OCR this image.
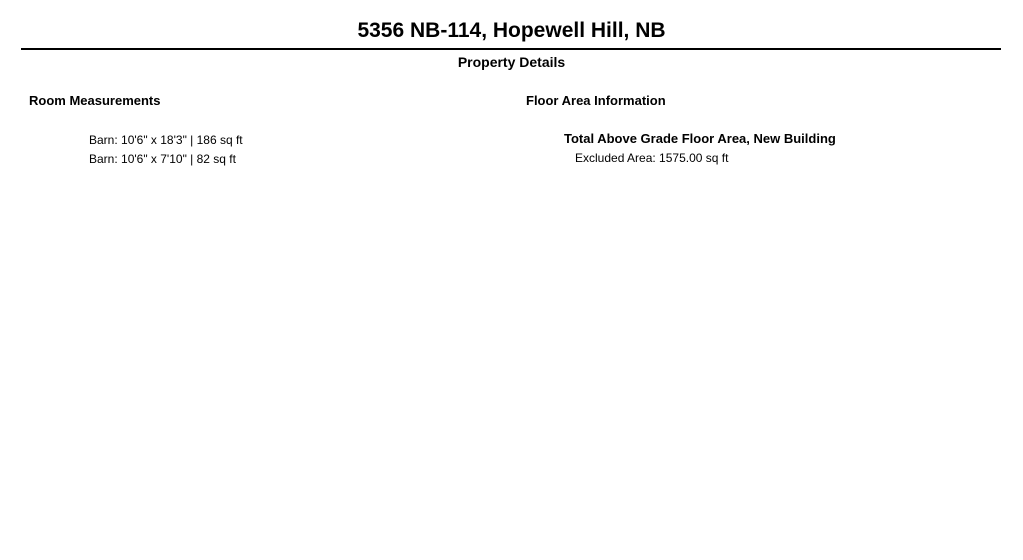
5356 NB-114, Hopewell Hill, NB
Property Details
Room Measurements
Barn: 10'6" x 18'3" | 186 sq ft
Barn: 10'6" x 7'10" | 82 sq ft
Floor Area Information
Total Above Grade Floor Area, New Building
Excluded Area: 1575.00 sq ft
